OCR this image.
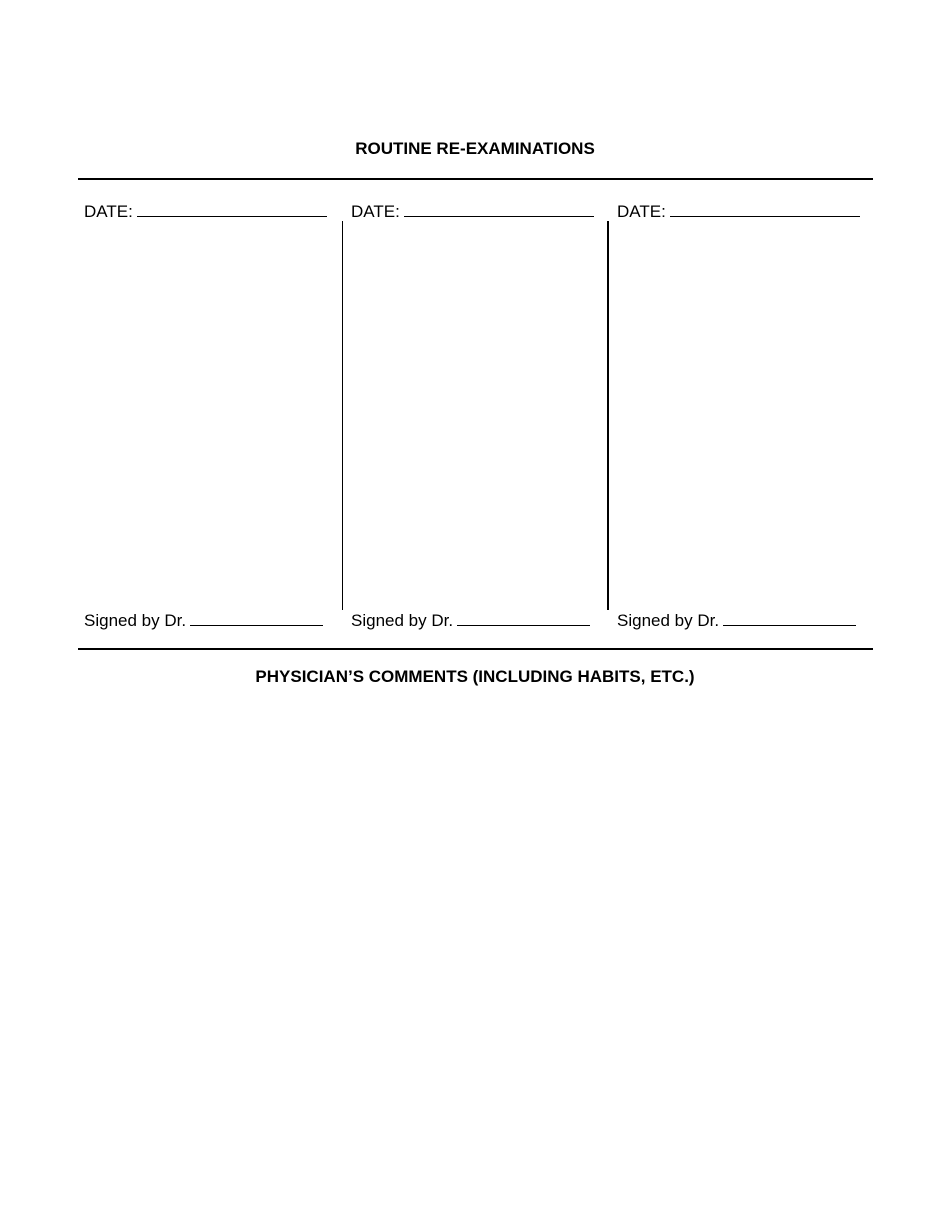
ROUTINE RE-EXAMINATIONS
DATE:	DATE:	DATE:
Signed by Dr.	Signed by Dr.	Signed by Dr.
PHYSICIAN’S COMMENTS (INCLUDING HABITS, ETC.)
